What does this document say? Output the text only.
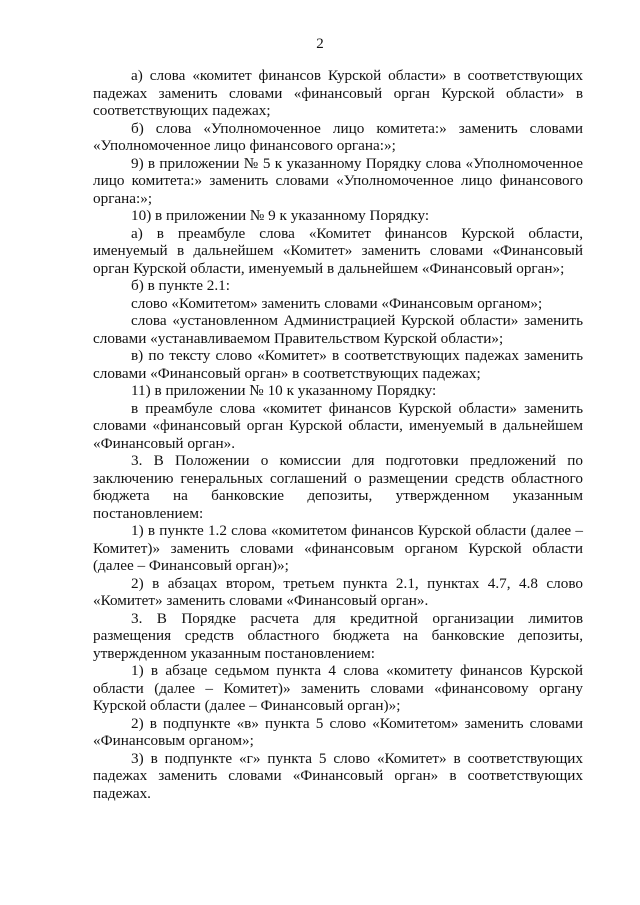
2

а) слова «комитет финансов Курской области» в соответствующих падежах заменить словами «финансовый орган Курской области» в соответствующих падежах;

б) слова «Уполномоченное лицо комитета:» заменить словами «Уполномоченное лицо финансового органа:»;

9) в приложении № 5 к указанному Порядку слова «Уполномоченное лицо комитета:» заменить словами «Уполномоченное лицо финансового органа:»;

10) в приложении № 9 к указанному Порядку:

а) в преамбуле слова «Комитет финансов Курской области, именуемый в дальнейшем «Комитет» заменить словами «Финансовый орган Курской области, именуемый в дальнейшем «Финансовый орган»;

б) в пункте 2.1:

слово «Комитетом» заменить словами «Финансовым органом»;

слова «установленном Администрацией Курской области» заменить словами «устанавливаемом Правительством Курской области»;

в) по тексту слово «Комитет» в соответствующих падежах заменить словами «Финансовый орган» в соответствующих падежах;

11) в приложении № 10 к указанному Порядку:

в преамбуле слова «комитет финансов Курской области» заменить словами «финансовый орган Курской области, именуемый в дальнейшем «Финансовый орган».

3. В Положении о комиссии для подготовки предложений по заключению генеральных соглашений о размещении средств областного бюджета на банковские депозиты, утвержденном указанным постановлением:

1) в пункте 1.2 слова «комитетом финансов Курской области (далее – Комитет)» заменить словами «финансовым органом Курской области (далее – Финансовый орган)»;

2) в абзацах втором, третьем пункта 2.1, пунктах 4.7, 4.8 слово «Комитет» заменить словами «Финансовый орган».

3. В Порядке расчета для кредитной организации лимитов размещения средств областного бюджета на банковские депозиты, утвержденном указанным постановлением:

1) в абзаце седьмом пункта 4 слова «комитету финансов Курской области (далее – Комитет)» заменить словами «финансовому органу Курской области (далее – Финансовый орган)»;

2) в подпункте «в» пункта 5 слово «Комитетом» заменить словами «Финансовым органом»;

3) в подпункте «г» пункта 5 слово «Комитет» в соответствующих падежах заменить словами «Финансовый орган» в соответствующих падежах.
